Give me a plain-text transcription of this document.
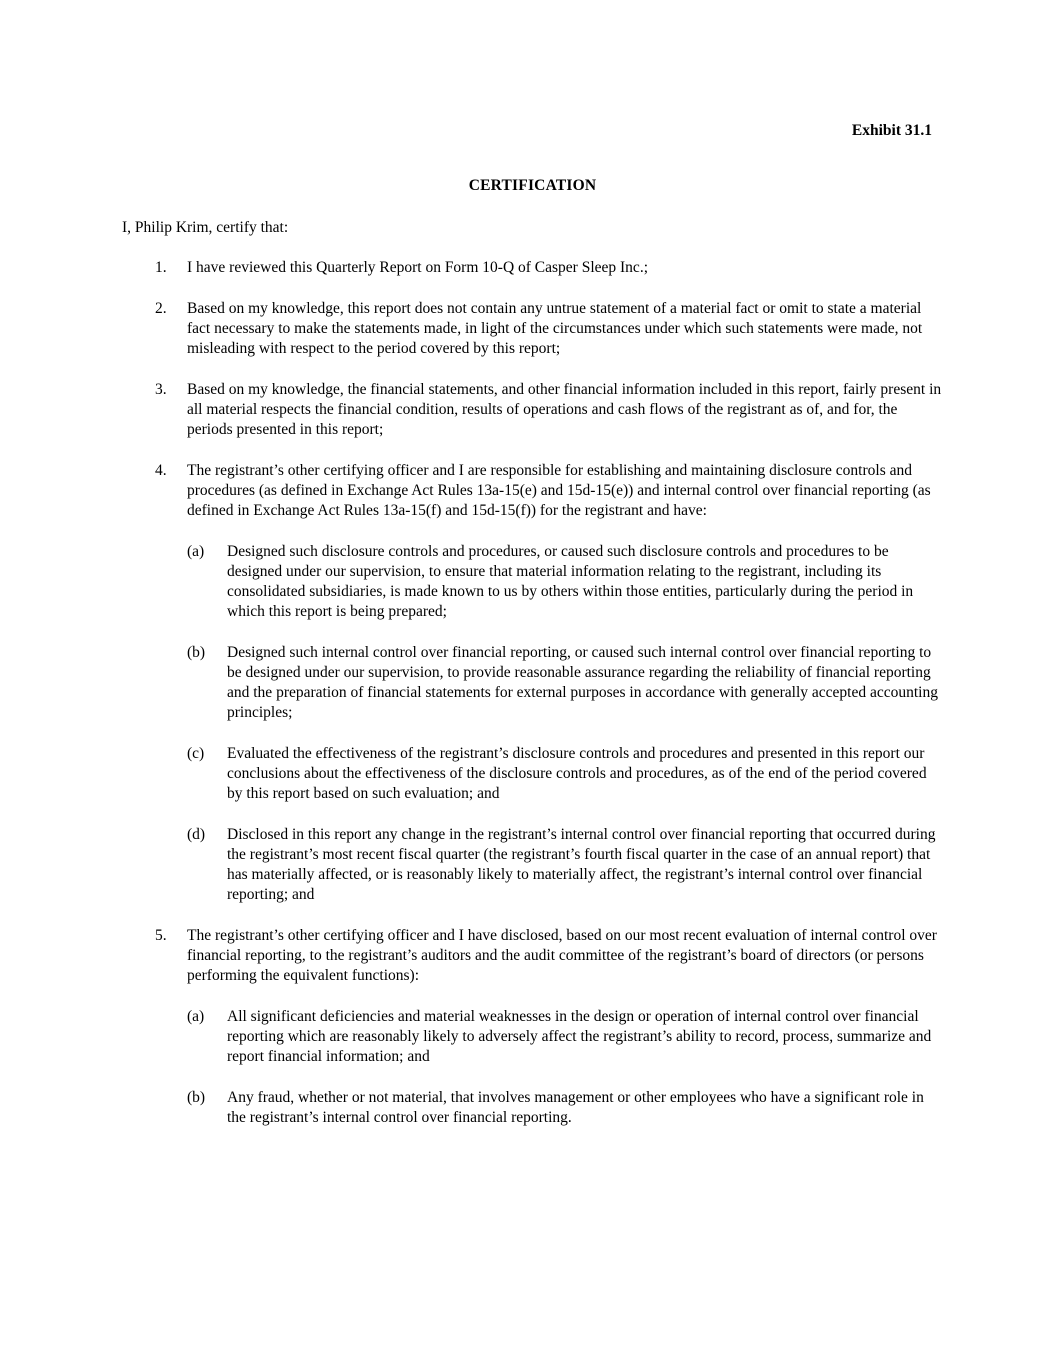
Exhibit 31.1
CERTIFICATION

I, Philip Krim, certify that:

1.	I have reviewed this Quarterly Report on Form 10-Q of Casper Sleep Inc.;
2.	Based on my knowledge, this report does not contain any untrue statement of a material fact or omit to state a material fact necessary to make the statements made, in light of the circumstances under which such statements were made, not misleading with respect to the period covered by this report;
3.	Based on my knowledge, the financial statements, and other financial information included in this report, fairly present in all material respects the financial condition, results of operations and cash flows of the registrant as of, and for, the periods presented in this report;
4.	The registrant’s other certifying officer and I are responsible for establishing and maintaining disclosure controls and procedures (as defined in Exchange Act Rules 13a-15(e) and 15d-15(e)) and internal control over financial reporting (as defined in Exchange Act Rules 13a-15(f) and 15d-15(f)) for the registrant and have:
(a)	Designed such disclosure controls and procedures, or caused such disclosure controls and procedures to be designed under our supervision, to ensure that material information relating to the registrant, including its consolidated subsidiaries, is made known to us by others within those entities, particularly during the period in which this report is being prepared;
(b)	Designed such internal control over financial reporting, or caused such internal control over financial reporting to be designed under our supervision, to provide reasonable assurance regarding the reliability of financial reporting and the preparation of financial statements for external purposes in accordance with generally accepted accounting principles;
(c)	Evaluated the effectiveness of the registrant’s disclosure controls and procedures and presented in this report our conclusions about the effectiveness of the disclosure controls and procedures, as of the end of the period covered by this report based on such evaluation; and
(d)	Disclosed in this report any change in the registrant’s internal control over financial reporting that occurred during the registrant’s most recent fiscal quarter (the registrant’s fourth fiscal quarter in the case of an annual report) that has materially affected, or is reasonably likely to materially affect, the registrant’s internal control over financial reporting; and
5.	The registrant’s other certifying officer and I have disclosed, based on our most recent evaluation of internal control over financial reporting, to the registrant’s auditors and the audit committee of the registrant’s board of directors (or persons performing the equivalent functions):
(a)	All significant deficiencies and material weaknesses in the design or operation of internal control over financial reporting which are reasonably likely to adversely affect the registrant’s ability to record, process, summarize and report financial information; and
(b)	Any fraud, whether or not material, that involves management or other employees who have a significant role in the registrant’s internal control over financial reporting.
